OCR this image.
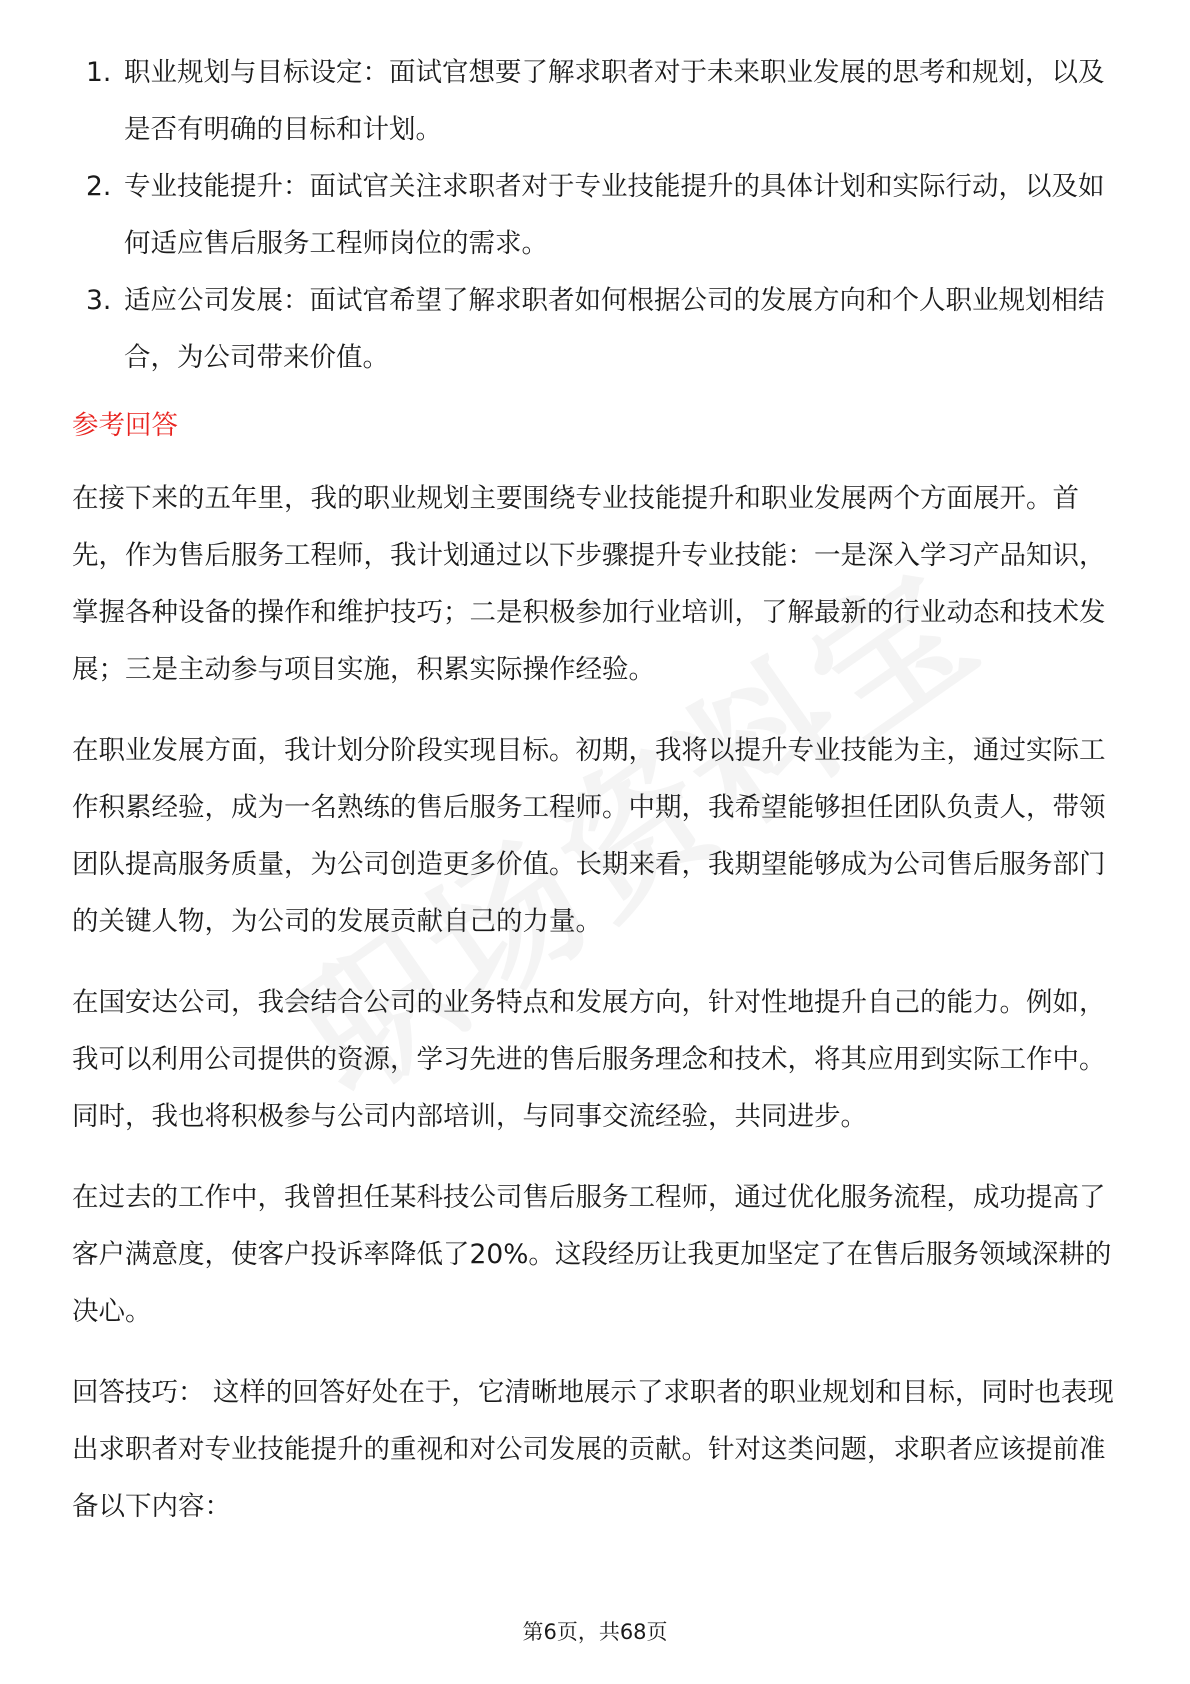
1. 职业规划与目标设定：面试官想要了解求职者对于未来职业发展的思考和规划，以及是否有明确的目标和计划。
2. 专业技能提升：面试官关注求职者对于专业技能提升的具体计划和实际行动，以及如何适应售后服务工程师岗位的需求。
3. 适应公司发展：面试官希望了解求职者如何根据公司的发展方向和个人职业规划相结合，为公司带来价值。
参考回答

在接下来的五年里，我的职业规划主要围绕专业技能提升和职业发展两个方面展开。首先，作为售后服务工程师，我计划通过以下步骤提升专业技能：一是深入学习产品知识，掌握各种设备的操作和维护技巧；二是积极参加行业培训，了解最新的行业动态和技术发展；三是主动参与项目实施，积累实际操作经验。

在职业发展方面，我计划分阶段实现目标。初期，我将以提升专业技能为主，通过实际工作积累经验，成为一名熟练的售后服务工程师。中期，我希望能够担任团队负责人，带领团队提高服务质量，为公司创造更多价值。长期来看，我期望能够成为公司售后服务部门的关键人物，为公司的发展贡献自己的力量。

在国安达公司，我会结合公司的业务特点和发展方向，针对性地提升自己的能力。例如，我可以利用公司提供的资源，学习先进的售后服务理念和技术，将其应用到实际工作中。同时，我也将积极参与公司内部培训，与同事交流经验，共同进步。

在过去的工作中，我曾担任某科技公司售后服务工程师，通过优化服务流程，成功提高了客户满意度，使客户投诉率降低了20%。这段经历让我更加坚定了在售后服务领域深耕的决心。

回答技巧： 这样的回答好处在于，它清晰地展示了求职者的职业规划和目标，同时也表现出求职者对专业技能提升的重视和对公司发展的贡献。针对这类问题，求职者应该提前准备以下内容：

第6页，共68页
